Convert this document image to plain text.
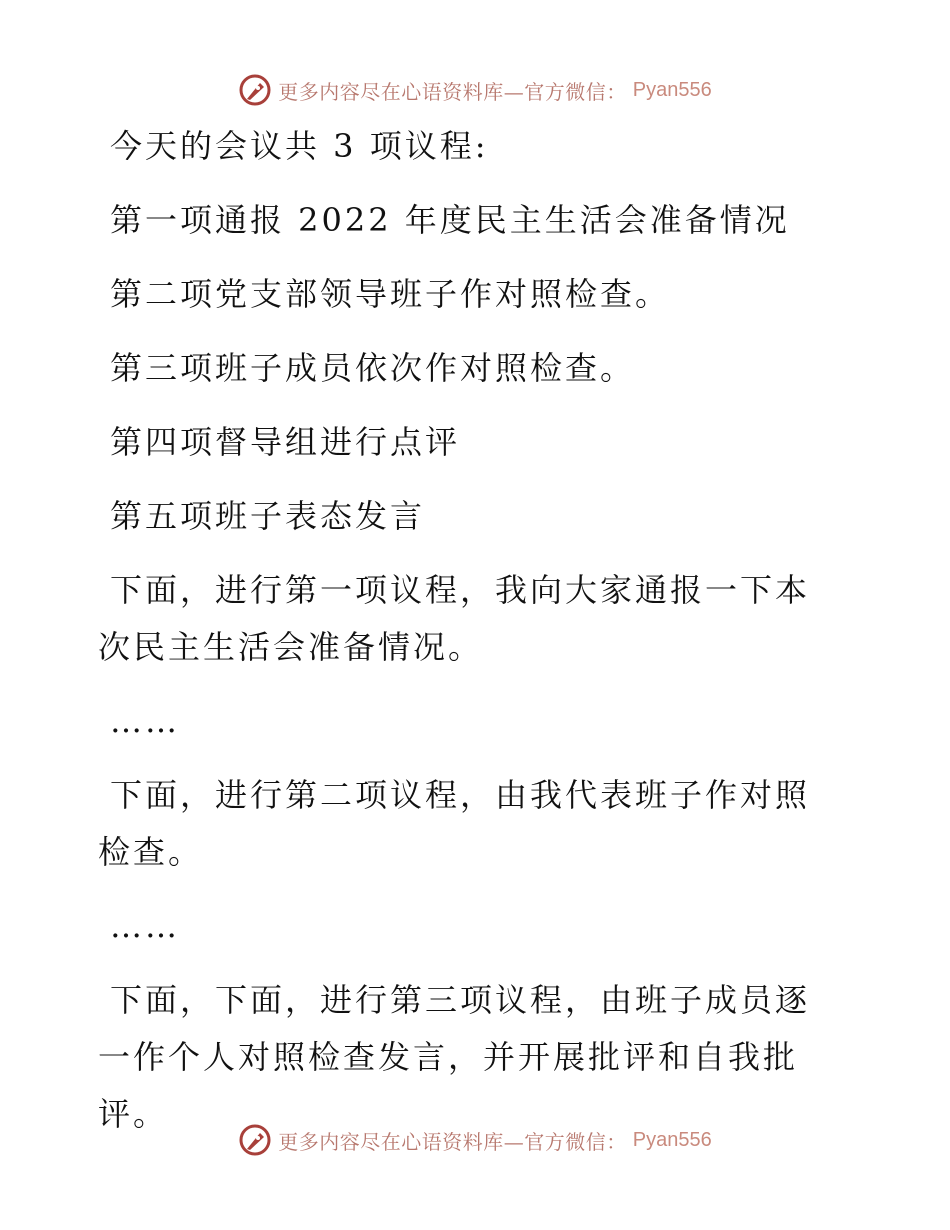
更多内容尽在心语资料库—官方微信： Pyan556

今天的会议共 3 项议程:

第一项通报 2022 年度民主生活会准备情况

第二项党支部领导班子作对照检查。

第三项班子成员依次作对照检查。

第四项督导组进行点评

第五项班子表态发言

下面，进行第一项议程，我向大家通报一下本次民主生活会准备情况。

……

下面，进行第二项议程，由我代表班子作对照检查。

……

下面，下面，进行第三项议程，由班子成员逐一作个人对照检查发言，并开展批评和自我批评。

更多内容尽在心语资料库—官方微信： Pyan556
